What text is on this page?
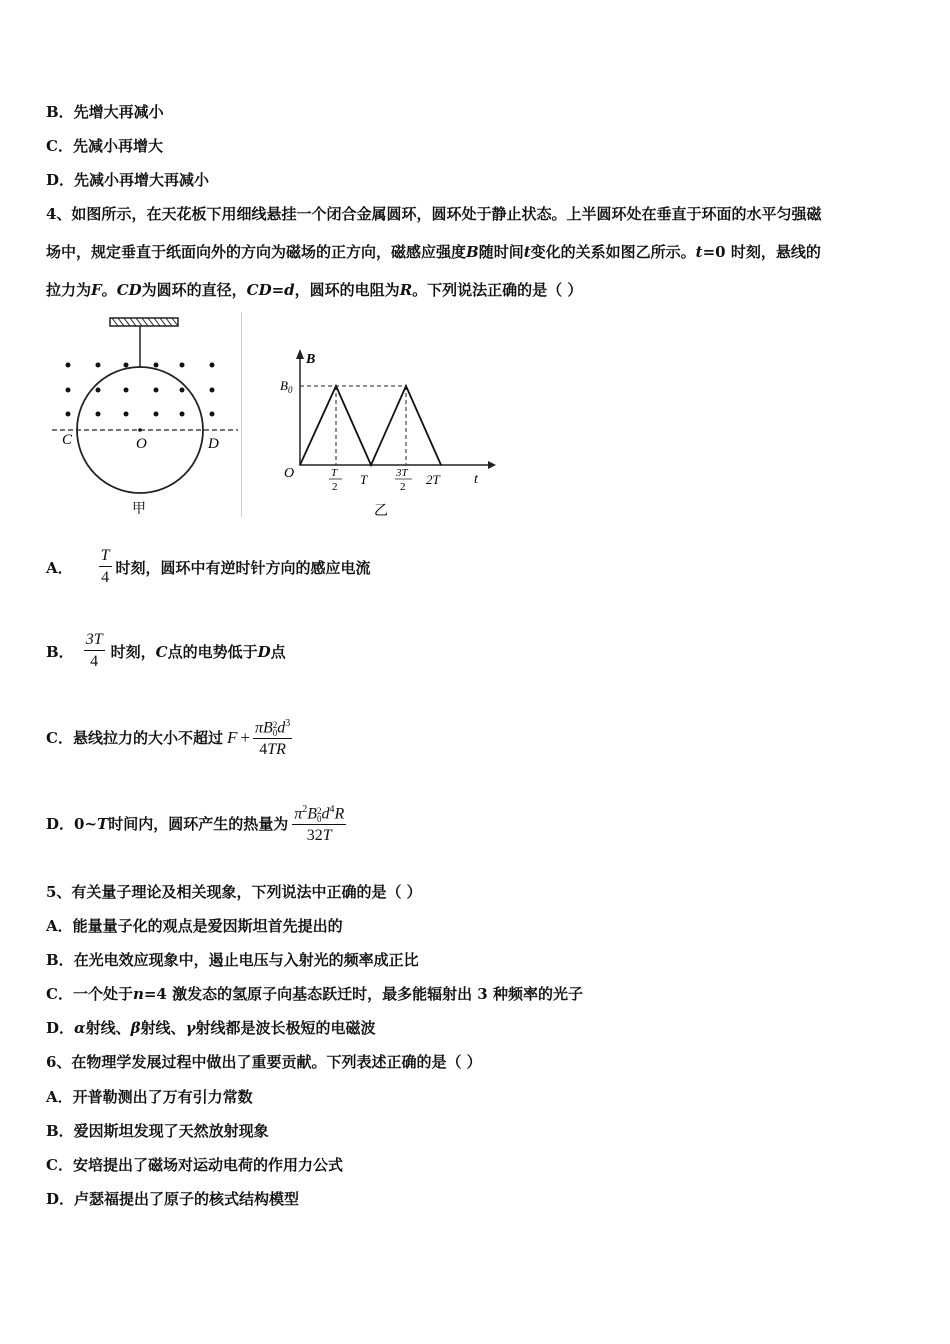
B．先增大再减小
C．先减小再增大
D．先减小再增大再减小
4、如图所示，在天花板下用细线悬挂一个闭合金属圆环，圆环处于静止状态。上半圆环处在垂直于环面的水平匀强磁
场中，规定垂直于纸面向外的方向为磁场的正方向，磁感应强度B随时间t变化的关系如图乙所示。t=0 时刻，悬线的
拉力为F。CD为圆环的直径，CD=d，圆环的电阻为R。下列说法正确的是（ ）
C	O	D
甲
B
$B_0$
O	t
T
2 T	3T
2 2T
乙
A． $\frac{T}{4}$ 时刻，圆环中有逆时针方向的感应电流
B． $\frac{3T}{4}$ 时刻， C 点的电势低于 D 点
C．悬线拉力的大小不超过 F + πB 2
0 $d^3$
4TR
D．0~ T 时间内，圆环产生的热量为 $\pi^2B$ 2
0 $d^4R$
32T
5、有关量子理论及相关现象，下列说法中正确的是（ ）
A．能量量子化的观点是爱因斯坦首先提出的
B．在光电效应现象中，遏止电压与入射光的频率成正比
C．一个处于n=4 激发态的氢原子向基态跃迁时，最多能辐射出 3 种频率的光子
D．α射线、β射线、γ射线都是波长极短的电磁波
6、在物理学发展过程中做出了重要贡献。下列表述正确的是（ ）
A．开普勒测出了万有引力常数
B．爱因斯坦发现了天然放射现象
C．安培提出了磁场对运动电荷的作用力公式
D．卢瑟福提出了原子的核式结构模型
